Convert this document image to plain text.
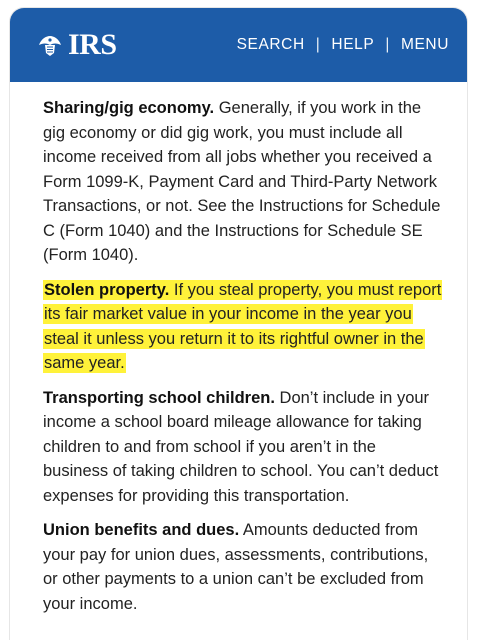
IRS	SEARCH | HELP | MENU

Sharing/gig economy. Generally, if you work in the gig economy or did gig work, you must include all income received from all jobs whether you received a Form 1099-K, Payment Card and Third-Party Network Transactions, or not. See the Instructions for Schedule C (Form 1040) and the Instructions for Schedule SE (Form 1040).

Stolen property. If you steal property, you must report its fair market value in your income in the year you steal it unless you return it to its rightful owner in the same year.

Transporting school children. Don’t include in your income a school board mileage allowance for taking children to and from school if you aren’t in the business of taking children to school. You can’t deduct expenses for providing this transportation.

Union benefits and dues. Amounts deducted from your pay for union dues, assessments, contributions, or other payments to a union can’t be excluded from your income.
